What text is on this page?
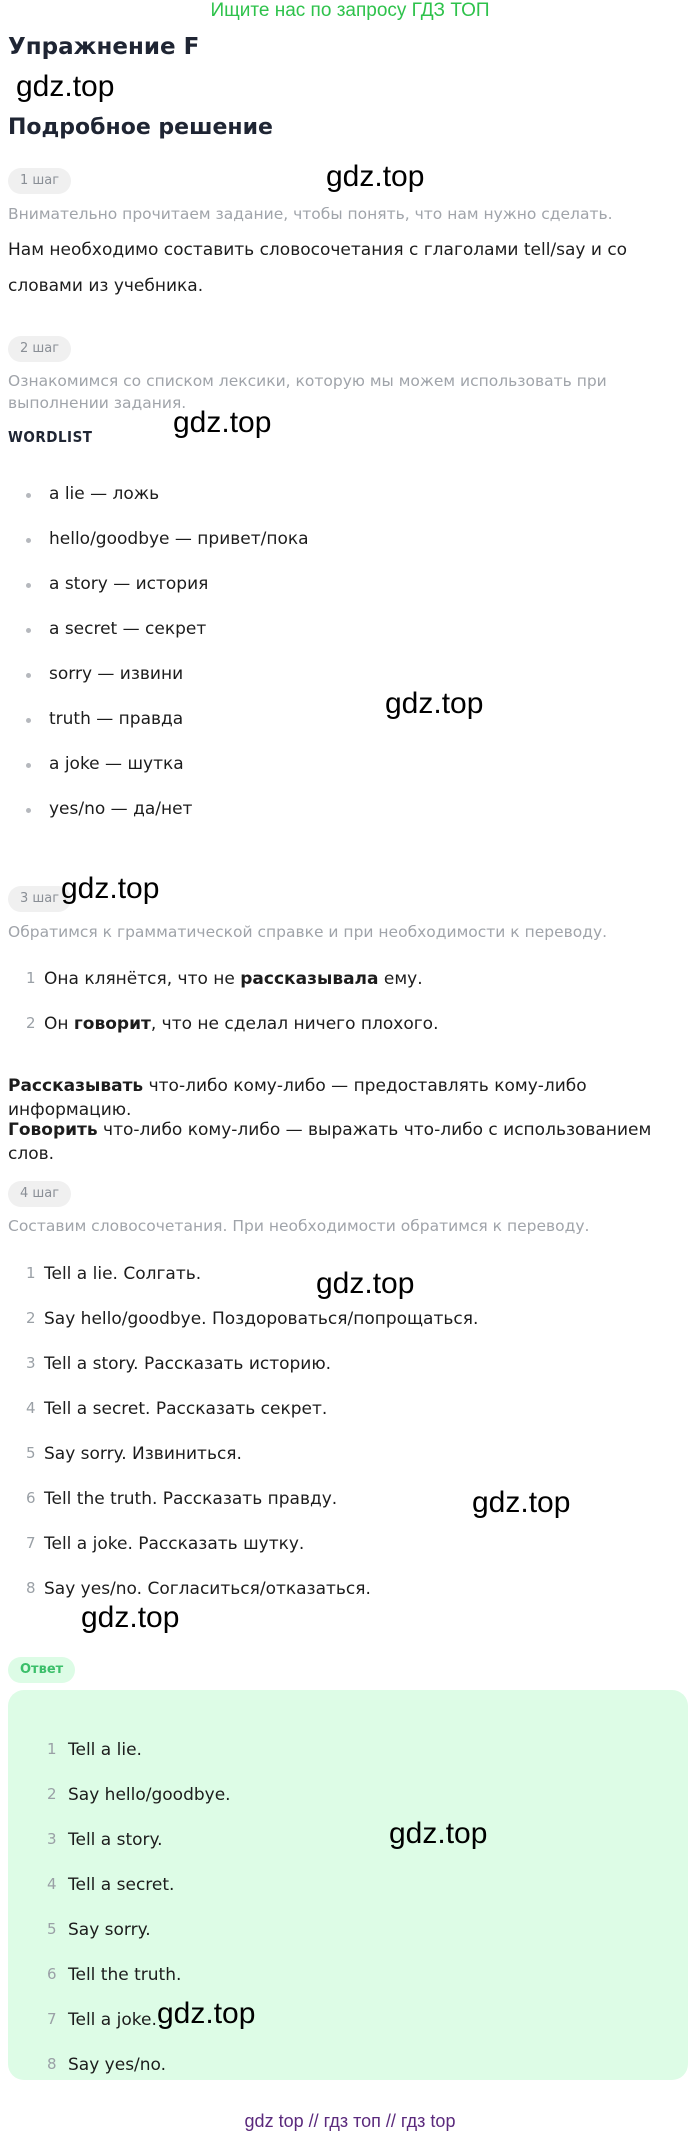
Ищите нас по запросу ГДЗ ТОП
Упражнение F
gdz.top
Подробное решение
1 шаг	gdz.top
Внимательно прочитаем задание, чтобы понять, что нам нужно сделать.
Нам необходимо составить словосочетания с глаголами tell/say и со словами из учебника.
2 шаг
Ознакомимся со списком лексики, которую мы можем использовать при выполнении задания.
WORDLIST	gdz.top
a lie — ложь
hello/goodbye — привет/пока
a story — история
a secret — секрет
sorry — извини
truth — правда
a joke — шутка
yes/no — да/нет
gdz.top
3 шаг gdz.top
Обратимся к грамматической справке и при необходимости к переводу.
1 Она клянётся, что не рассказывала ему.
2 Он говорит, что не сделал ничего плохого.
Рассказывать что-либо кому-либо — предоставлять кому-либо информацию.
Говорить что-либо кому-либо — выражать что-либо с использованием слов.
4 шаг
Составим словосочетания. При необходимости обратимся к переводу.
1 Tell a lie. Солгать.
2 Say hello/goodbye. Поздороваться/попрощаться.
3 Tell a story. Рассказать историю.
4 Tell a secret. Рассказать секрет.
5 Say sorry. Извиниться.
6 Tell the truth. Рассказать правду.
7 Tell a joke. Рассказать шутку.
8 Say yes/no. Согласиться/отказаться.
gdz.top
gdz.top
gdz.top
Ответ
1 Tell a lie.
2 Say hello/goodbye.
3 Tell a story.
4 Tell a secret.
5 Say sorry.
6 Tell the truth.
7 Tell a joke.
8 Say yes/no.
gdz.top
gdz.top
gdz top // гдз топ // гдз top
